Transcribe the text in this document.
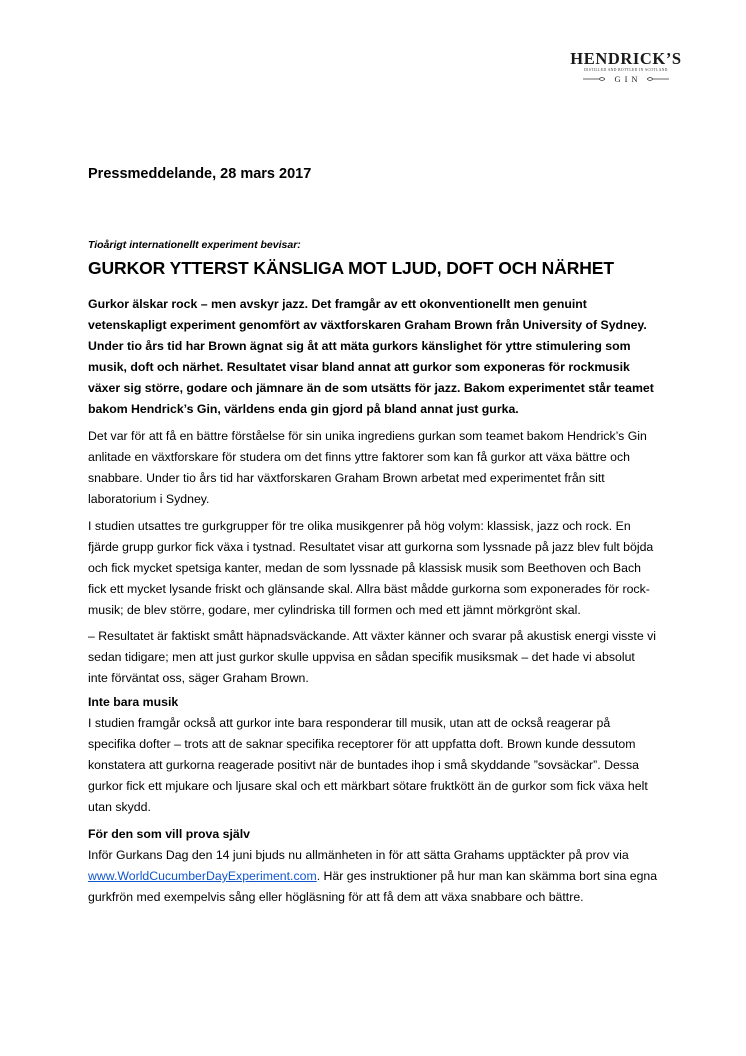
HENDRICK’S
DISTILLED AND BOTTLED IN SCOTLAND
GIN

Pressmeddelande, 28 mars 2017

Tioårigt internationellt experiment bevisar:

GURKOR YTTERST KÄNSLIGA MOT LJUD, DOFT OCH NÄRHET

Gurkor älskar rock – men avskyr jazz. Det framgår av ett okonventionellt men genuint vetenskapligt experiment genomfört av växtforskaren Graham Brown från University of Sydney. Under tio års tid har Brown ägnat sig åt att mäta gurkors känslighet för yttre stimulering som musik, doft och närhet. Resultatet visar bland annat att gurkor som exponeras för rockmusik växer sig större, godare och jämnare än de som utsätts för jazz. Bakom experimentet står teamet bakom Hendrick’s Gin, världens enda gin gjord på bland annat just gurka.

Det var för att få en bättre förståelse för sin unika ingrediens gurkan som teamet bakom Hendrick’s Gin anlitade en växtforskare för studera om det finns yttre faktorer som kan få gurkor att växa bättre och snabbare. Under tio års tid har växtforskaren Graham Brown arbetat med experimentet från sitt laboratorium i Sydney.

I studien utsattes tre gurkgrupper för tre olika musikgenrer på hög volym: klassisk, jazz och rock. En fjärde grupp gurkor fick växa i tystnad. Resultatet visar att gurkorna som lyssnade på jazz blev fult böjda och fick mycket spetsiga kanter, medan de som lyssnade på klassisk musik som Beethoven och Bach fick ett mycket lysande friskt och glänsande skal. Allra bäst mådde gurkorna som exponerades för rock-musik; de blev större, godare, mer cylindriska till formen och med ett jämnt mörkgrönt skal.

– Resultatet är faktiskt smått häpnadsväckande. Att växter känner och svarar på akustisk energi visste vi sedan tidigare; men att just gurkor skulle uppvisa en sådan specifik musiksmak – det hade vi absolut inte förväntat oss, säger Graham Brown.

Inte bara musik
I studien framgår också att gurkor inte bara responderar till musik, utan att de också reagerar på specifika dofter – trots att de saknar specifika receptorer för att uppfatta doft. Brown kunde dessutom konstatera att gurkorna reagerade positivt när de buntades ihop i små skyddande ”sovsäckar”. Dessa gurkor fick ett mjukare och ljusare skal och ett märkbart sötare fruktkött än de gurkor som fick växa helt utan skydd.
För den som vill prova själv
Inför Gurkans Dag den 14 juni bjuds nu allmänheten in för att sätta Grahams upptäckter på prov via www.WorldCucumberDayExperiment.com. Här ges instruktioner på hur man kan skämma bort sina egna gurkfrön med exempelvis sång eller högläsning för att få dem att växa snabbare och bättre.
